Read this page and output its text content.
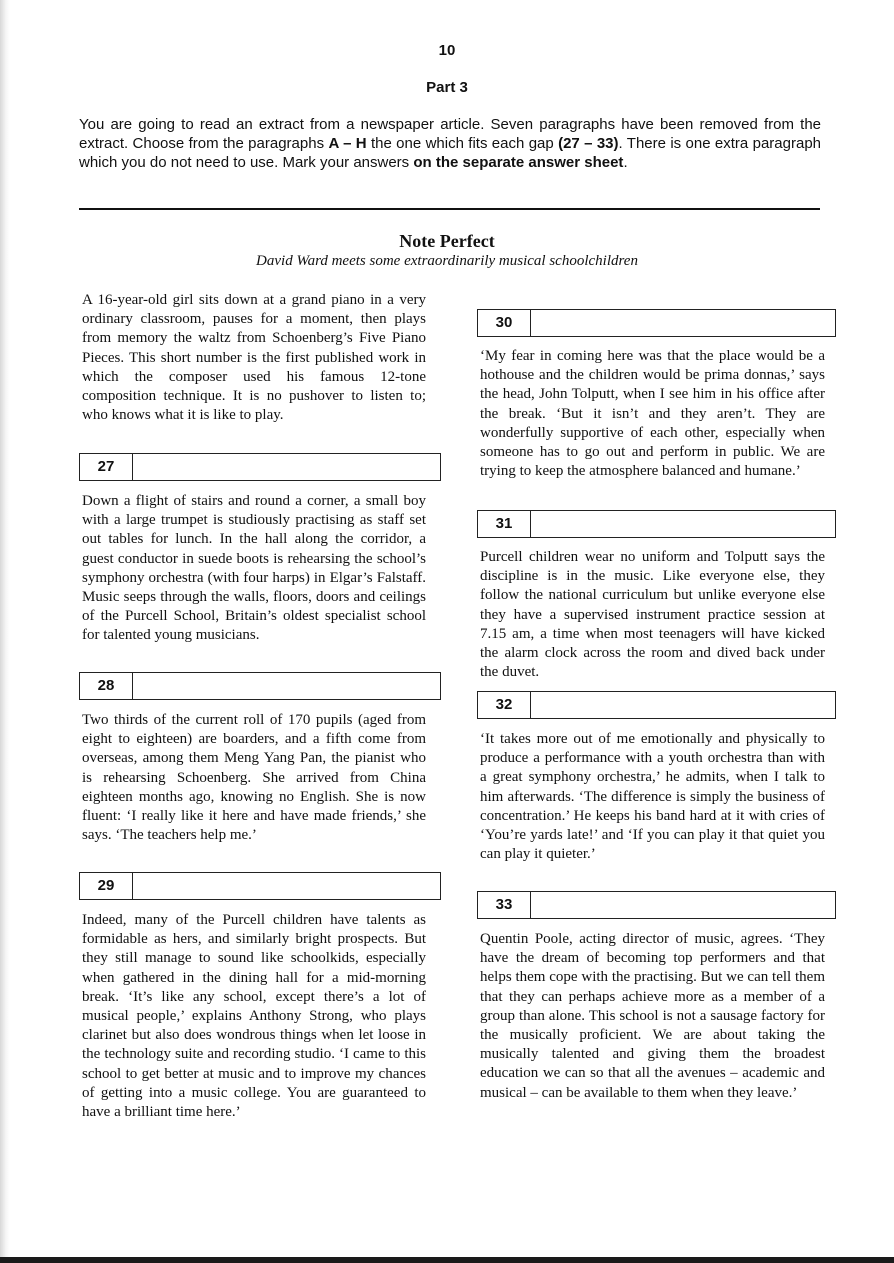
10
Part 3

You are going to read an extract from a newspaper article. Seven paragraphs have been removed from the extract. Choose from the paragraphs A – H the one which fits each gap (27 – 33). There is one extra paragraph which you do not need to use. Mark your answers on the separate answer sheet.

Note Perfect
David Ward meets some extraordinarily musical schoolchildren

A 16-year-old girl sits down at a grand piano in a very ordinary classroom, pauses for a moment, then plays from memory the waltz from Schoenberg’s Five Piano Pieces. This short number is the first published work in which the composer used his famous 12-tone composition technique. It is no pushover to listen to; who knows what it is like to play.

27

Down a flight of stairs and round a corner, a small boy with a large trumpet is studiously practising as staff set out tables for lunch. In the hall along the corridor, a guest conductor in suede boots is rehearsing the school’s symphony orchestra (with four harps) in Elgar’s Falstaff. Music seeps through the walls, floors, doors and ceilings of the Purcell School, Britain’s oldest specialist school for talented young musicians.

28

Two thirds of the current roll of 170 pupils (aged from eight to eighteen) are boarders, and a fifth come from overseas, among them Meng Yang Pan, the pianist who is rehearsing Schoenberg. She arrived from China eighteen months ago, knowing no English. She is now fluent: ‘I really like it here and have made friends,’ she says. ‘The teachers help me.’

29

Indeed, many of the Purcell children have talents as formidable as hers, and similarly bright prospects. But they still manage to sound like schoolkids, especially when gathered in the dining hall for a mid-morning break. ‘It’s like any school, except there’s a lot of musical people,’ explains Anthony Strong, who plays clarinet but also does wondrous things when let loose in the technology suite and recording studio. ‘I came to this school to get better at music and to improve my chances of getting into a music college. You are guaranteed to have a brilliant time here.’

30

‘My fear in coming here was that the place would be a hothouse and the children would be prima donnas,’ says the head, John Tolputt, when I see him in his office after the break. ‘But it isn’t and they aren’t. They are wonderfully supportive of each other, especially when someone has to go out and perform in public. We are trying to keep the atmosphere balanced and humane.’

31

Purcell children wear no uniform and Tolputt says the discipline is in the music. Like everyone else, they follow the national curriculum but unlike everyone else they have a supervised instrument practice session at 7.15 am, a time when most teenagers will have kicked the alarm clock across the room and dived back under the duvet.

32

‘It takes more out of me emotionally and physically to produce a performance with a youth orchestra than with a great symphony orchestra,’ he admits, when I talk to him afterwards. ‘The difference is simply the business of concentration.’ He keeps his band hard at it with cries of ‘You’re yards late!’ and ‘If you can play it that quiet you can play it quieter.’

33

Quentin Poole, acting director of music, agrees. ‘They have the dream of becoming top performers and that helps them cope with the practising. But we can tell them that they can perhaps achieve more as a member of a group than alone. This school is not a sausage factory for the musically proficient. We are about taking the musically talented and giving them the broadest education we can so that all the avenues – academic and musical – can be available to them when they leave.’
